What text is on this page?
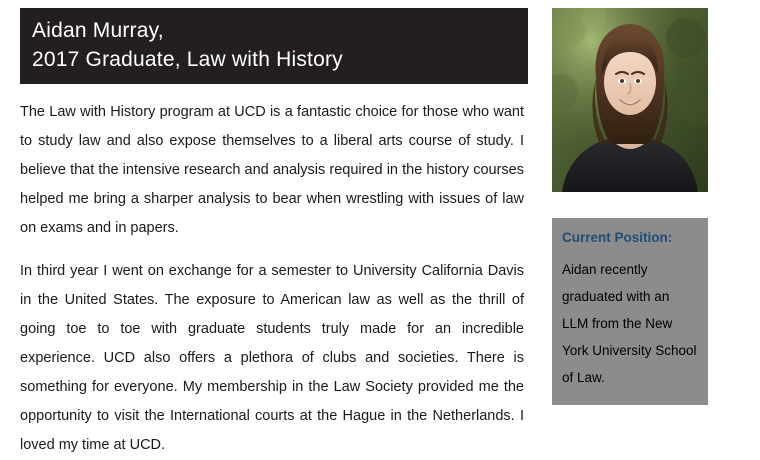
Aidan Murray,
2017 Graduate, Law with History

The Law with History program at UCD is a fantastic choice for those who want to study law and also expose themselves to a liberal arts course of study. I believe that the intensive research and analysis required in the history courses helped me bring a sharper analysis to bear when wrestling with issues of law on exams and in papers.

In third year I went on exchange for a semester to University California Davis in the United States. The exposure to American law as well as the thrill of going toe to toe with graduate students truly made for an incredible experience. UCD also offers a plethora of clubs and societies. There is something for everyone. My membership in the Law Society provided me the opportunity to visit the International courts at the Hague in the Netherlands. I loved my time at UCD.

Current Position:
Aidan recently graduated with an LLM from the New York University School of Law.
